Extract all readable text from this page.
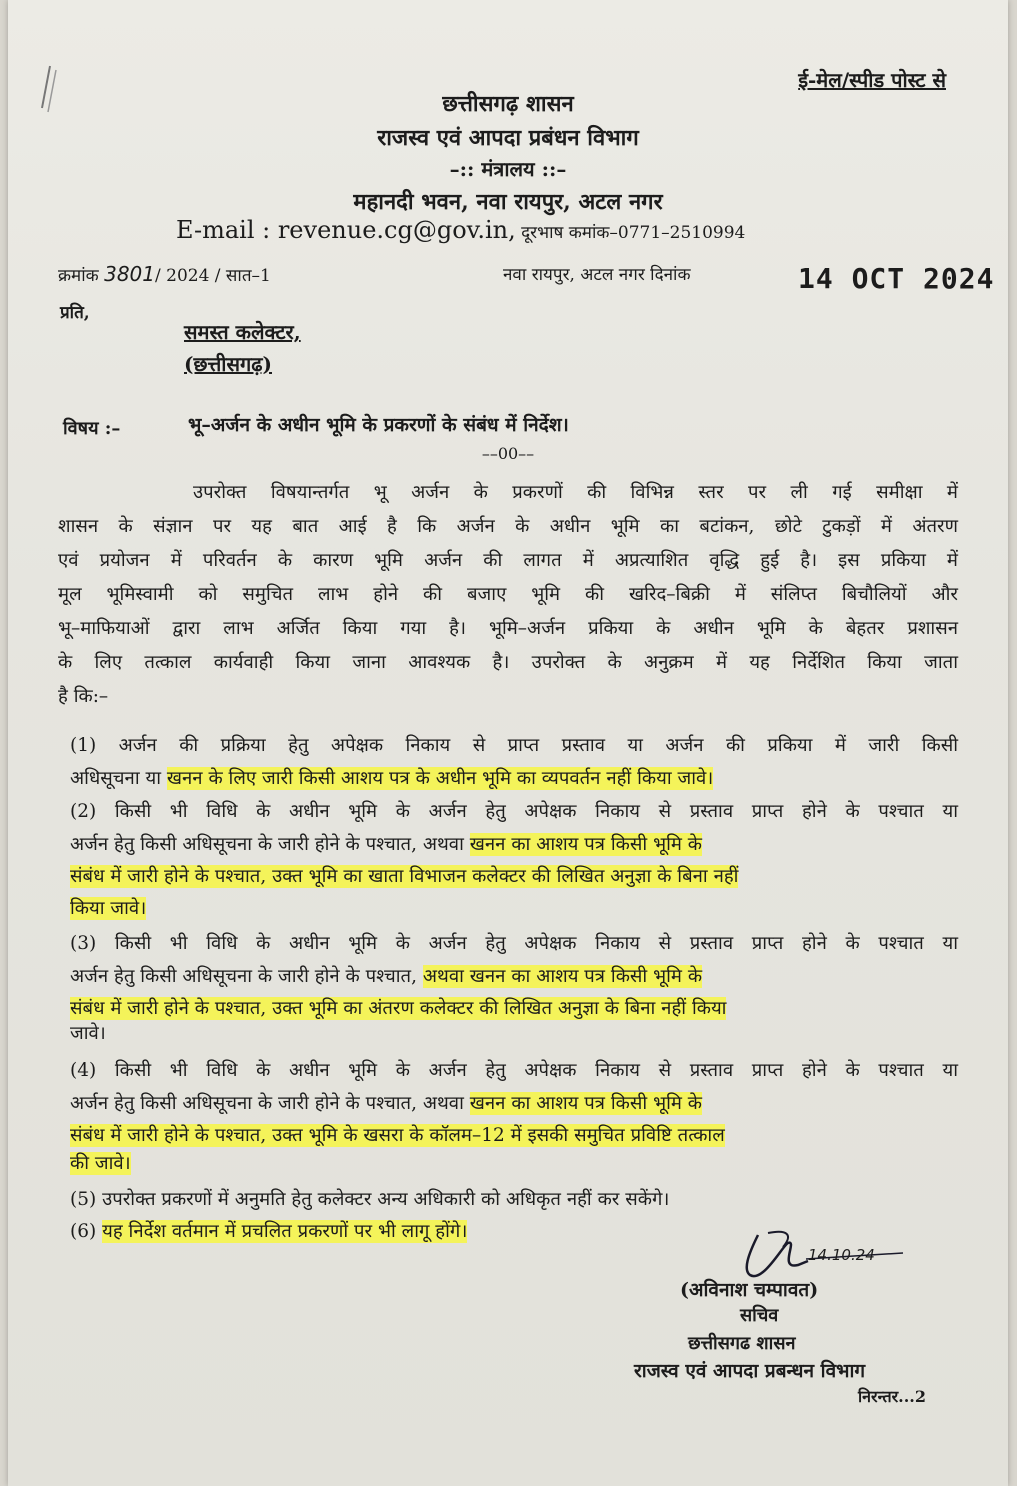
ई-मेल/स्पीड पोस्ट से
छत्तीसगढ़ शासन
राजस्व एवं आपदा प्रबंधन विभाग
–:: मंत्रालय ::–
महानदी भवन, नवा रायपुर, अटल नगर
E-mail : revenue.cg@gov.in, दूरभाष कमांक–0771–2510994
क्रमांक 3801/ 2024 / सात–1	नवा रायपुर, अटल नगर दिनांक	14 OCT 2024
प्रति,
समस्त कलेक्टर,
(छत्तीसगढ़)
विषय :–	भू–अर्जन के अधीन भूमि के प्रकरणों के संबंध में निर्देश।
––00––
उपरोक्त विषयान्तर्गत भू अर्जन के प्रकरणों की विभिन्न स्तर पर ली गई समीक्षा में
शासन के संज्ञान पर यह बात आई है कि अर्जन के अधीन भूमि का बटांकन, छोटे टुकड़ों में अंतरण
एवं प्रयोजन में परिवर्तन के कारण भूमि अर्जन की लागत में अप्रत्याशित वृद्धि हुई है। इस प्रकिया में
मूल भूमिस्वामी को समुचित लाभ होने की बजाए भूमि की खरिद–बिक्री में संलिप्त बिचौलियों और
भू–माफियाओं द्वारा लाभ अर्जित किया गया है। भूमि–अर्जन प्रकिया के अधीन भूमि के बेहतर प्रशासन
के लिए तत्काल कार्यवाही किया जाना आवश्यक है। उपरोक्त के अनुक्रम में यह निर्देशित किया जाता
है कि:–
(1) अर्जन की प्रक्रिया हेतु अपेक्षक निकाय से प्राप्त प्रस्ताव या अर्जन की प्रकिया में जारी किसी
अधिसूचना या खनन के लिए जारी किसी आशय पत्र के अधीन भूमि का व्यपवर्तन नहीं किया जावे।
(2) किसी भी विधि के अधीन भूमि के अर्जन हेतु अपेक्षक निकाय से प्रस्ताव प्राप्त होने के पश्चात या
अर्जन हेतु किसी अधिसूचना के जारी होने के पश्चात, अथवा खनन का आशय पत्र किसी भूमि के
संबंध में जारी होने के पश्चात, उक्त भूमि का खाता विभाजन कलेक्टर की लिखित अनुज्ञा के बिना नहीं
किया जावे।
(3) किसी भी विधि के अधीन भूमि के अर्जन हेतु अपेक्षक निकाय से प्रस्ताव प्राप्त होने के पश्चात या
अर्जन हेतु किसी अधिसूचना के जारी होने के पश्चात, अथवा खनन का आशय पत्र किसी भूमि के
संबंध में जारी होने के पश्चात, उक्त भूमि का अंतरण कलेक्टर की लिखित अनुज्ञा के बिना नहीं किया
जावे।
(4) किसी भी विधि के अधीन भूमि के अर्जन हेतु अपेक्षक निकाय से प्रस्ताव प्राप्त होने के पश्चात या
अर्जन हेतु किसी अधिसूचना के जारी होने के पश्चात, अथवा खनन का आशय पत्र किसी भूमि के
संबंध में जारी होने के पश्चात, उक्त भूमि के खसरा के कॉलम–12 में इसकी समुचित प्रविष्टि तत्काल
की जावे।
(5) उपरोक्त प्रकरणों में अनुमति हेतु कलेक्टर अन्य अधिकारी को अधिकृत नहीं कर सकेंगे।
(6) यह निर्देश वर्तमान में प्रचलित प्रकरणों पर भी लागू होंगे।
14.10.24
(अविनाश चम्पावत)
सचिव
छत्तीसगढ शासन
राजस्व एवं आपदा प्रबन्धन विभाग
निरन्तर...2
